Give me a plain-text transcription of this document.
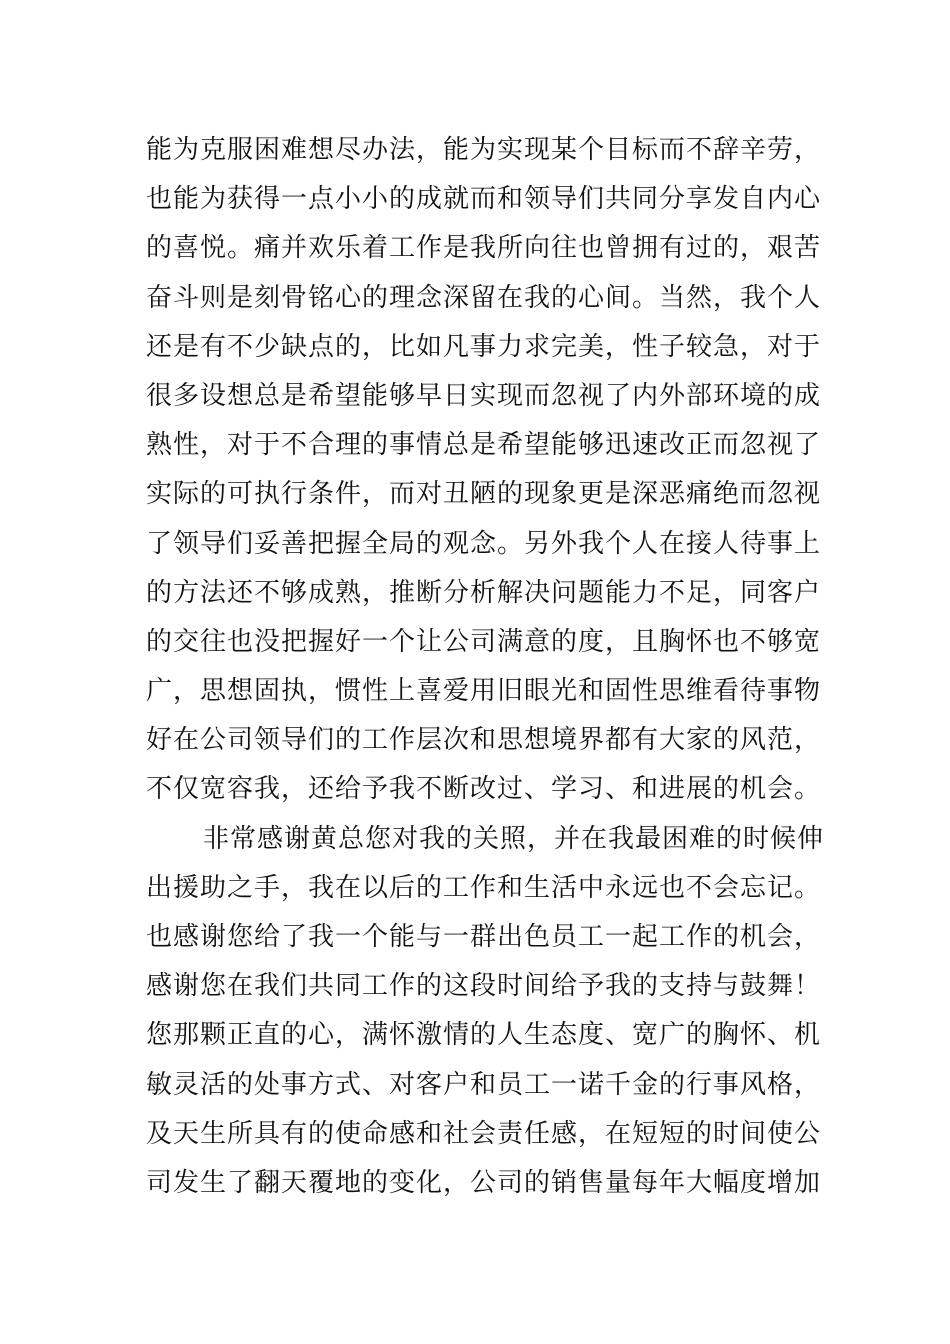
能为克服困难想尽办法，能为实现某个目标而不辞辛劳，
也能为获得一点小小的成就而和领导们共同分享发自内心
的喜悦。痛并欢乐着工作是我所向往也曾拥有过的，艰苦
奋斗则是刻骨铭心的理念深留在我的心间。当然，我个人
还是有不少缺点的，比如凡事力求完美，性子较急，对于
很多设想总是希望能够早日实现而忽视了内外部环境的成
熟性，对于不合理的事情总是希望能够迅速改正而忽视了
实际的可执行条件，而对丑陋的现象更是深恶痛绝而忽视
了领导们妥善把握全局的观念。另外我个人在接人待事上
的方法还不够成熟，推断分析解决问题能力不足，同客户
的交往也没把握好一个让公司满意的度，且胸怀也不够宽
广，思想固执，惯性上喜爱用旧眼光和固性思维看待事物
好在公司领导们的工作层次和思想境界都有大家的风范，
不仅宽容我，还给予我不断改过、学习、和进展的机会。
非常感谢黄总您对我的关照，并在我最困难的时候伸
出援助之手，我在以后的工作和生活中永远也不会忘记。
也感谢您给了我一个能与一群出色员工一起工作的机会，
感谢您在我们共同工作的这段时间给予我的支持与鼓舞！
您那颗正直的心，满怀激情的人生态度、宽广的胸怀、机
敏灵活的处事方式、对客户和员工一诺千金的行事风格，
及天生所具有的使命感和社会责任感，在短短的时间使公
司发生了翻天覆地的变化，公司的销售量每年大幅度增加
